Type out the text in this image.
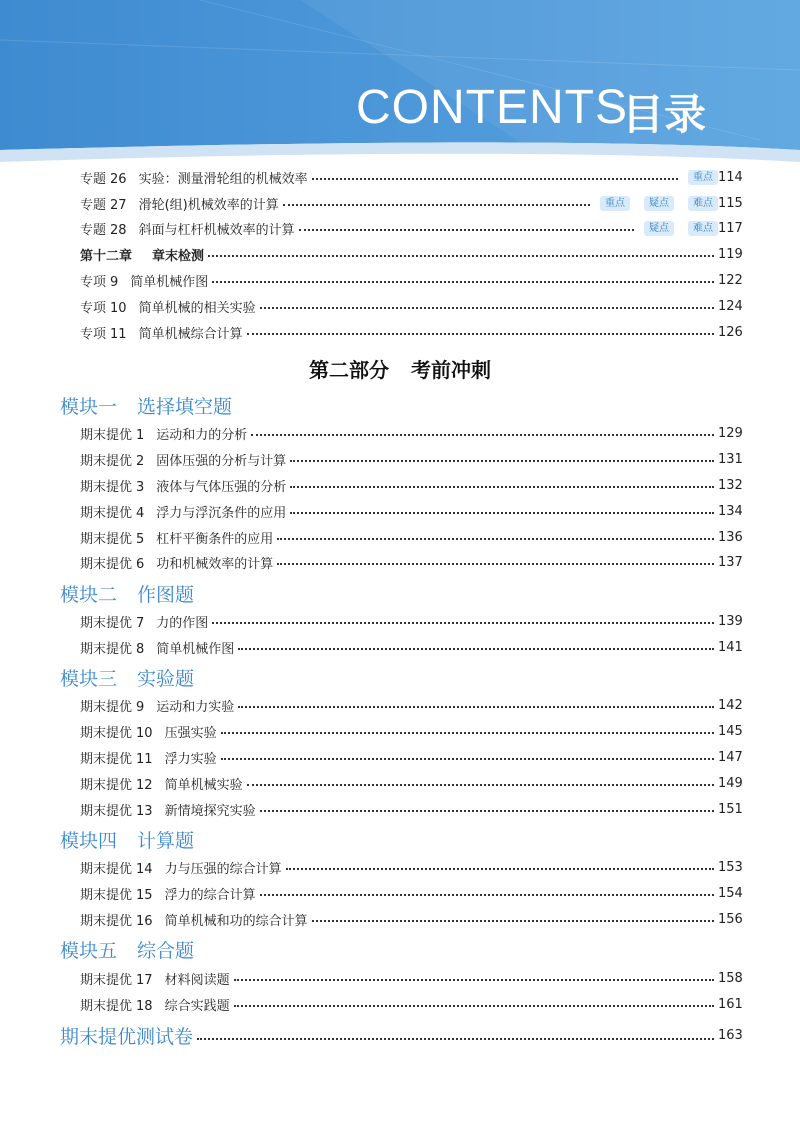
CONTENTS
目录
专题 26 实验：测量滑轮组的机械效率	重点 114
专题 27 滑轮(组)机械效率的计算	重点	疑点	难点 115
专题 28 斜面与杠杆机械效率的计算	疑点	难点 117
第十二章 章末检测	119
专项 9 简单机械作图	122
专项 10 简单机械的相关实验	124
专项 11 简单机械综合计算	126
第二部分 考前冲刺
模块一 选择填空题
期末提优 1 运动和力的分析	129
期末提优 2 固体压强的分析与计算	131
期末提优 3 液体与气体压强的分析	132
期末提优 4 浮力与浮沉条件的应用	134
期末提优 5 杠杆平衡条件的应用	136
期末提优 6 功和机械效率的计算	137
模块二 作图题
期末提优 7 力的作图	139
期末提优 8 简单机械作图	141
模块三 实验题
期末提优 9 运动和力实验	142
期末提优 10 压强实验	145
期末提优 11 浮力实验	147
期末提优 12 简单机械实验	149
期末提优 13 新情境探究实验	151
模块四 计算题
期末提优 14 力与压强的综合计算	153
期末提优 15 浮力的综合计算	154
期末提优 16 简单机械和功的综合计算	156
模块五 综合题
期末提优 17 材料阅读题	158
期末提优 18 综合实践题	161
期末提优测试卷	163
